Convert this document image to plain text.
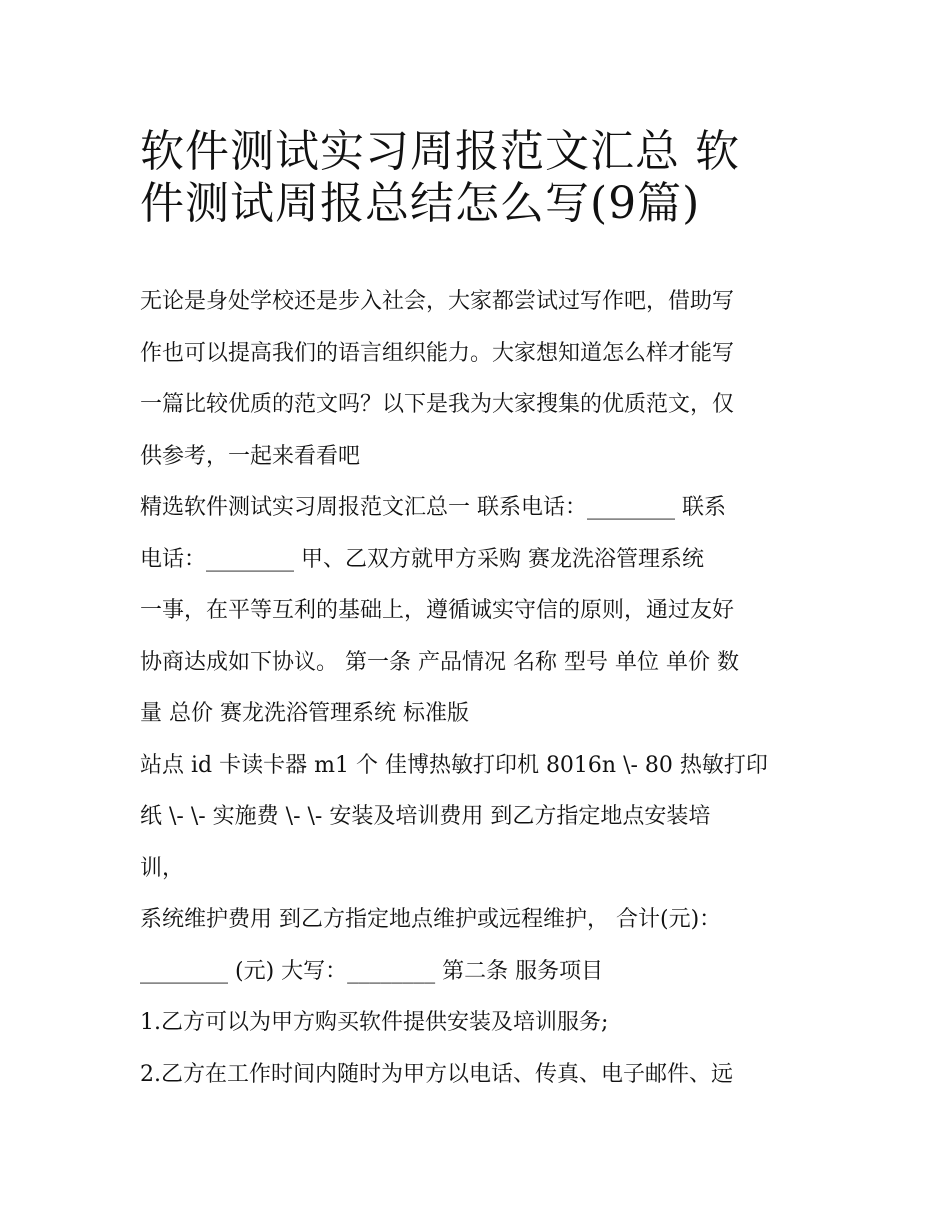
软件测试实习周报范文汇总 软
件测试周报总结怎么写(9篇)
无论是身处学校还是步入社会，大家都尝试过写作吧，借助写
作也可以提高我们的语言组织能力。大家想知道怎么样才能写
一篇比较优质的范文吗？以下是我为大家搜集的优质范文，仅
供参考，一起来看看吧
精选软件测试实习周报范文汇总一 联系电话：________ 联系
电话：________ 甲、乙双方就甲方采购 赛龙洗浴管理系统
一事，在平等互利的基础上，遵循诚实守信的原则，通过友好
协商达成如下协议。 第一条 产品情况 名称 型号 单位 单价 数
量 总价 赛龙洗浴管理系统 标准版
站点 id 卡读卡器 m1 个 佳博热敏打印机 8016n \- 80 热敏打印
纸 \- \- 实施费 \- \- 安装及培训费用 到乙方指定地点安装培
训，
系统维护费用 到乙方指定地点维护或远程维护， 合计(元)：
________ (元) 大写：________ 第二条 服务项目
1.乙方可以为甲方购买软件提供安装及培训服务;
2.乙方在工作时间内随时为甲方以电话、传真、电子邮件、远
